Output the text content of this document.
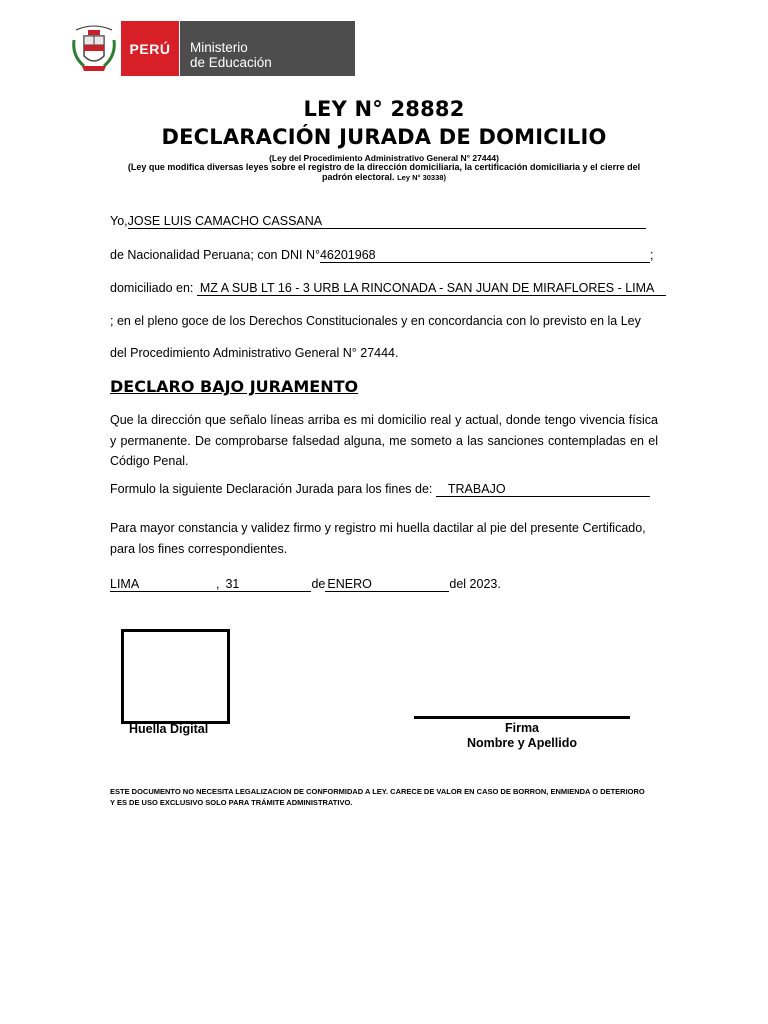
PERÚ	Ministerio
de Educación
LEY N° 28882
DECLARACIÓN JURADA DE DOMICILIO
(Ley del Procedimiento Administrativo General N° 27444)
(Ley que modifica diversas leyes sobre el registro de la dirección domiciliaria, la certificación domiciliaria y el cierre del padrón electoral. Ley N° 30338)
Yo,JOSE LUIS CAMACHO CASSANA
de Nacionalidad Peruana; con DNI N°46201968	;
domiciliado en: MZ A SUB LT 16 - 3 URB LA RINCONADA - SAN JUAN DE MIRAFLORES - LIMA
; en el pleno goce de los Derechos Constitucionales y en concordancia con lo previsto en la Ley
del Procedimiento Administrativo General N° 27444.
DECLARO BAJO JURAMENTO
Que la dirección que señalo líneas arriba es mi domicilio real y actual, donde tengo vivencia física y permanente. De comprobarse falsedad alguna, me someto a las sanciones contempladas en el Código Penal.
Formulo la siguiente Declaración Jurada para los fines de: TRABAJO
Para mayor constancia y validez firmo y registro mi huella dactilar al pie del presente Certificado, para los fines correspondientes.
LIMA	, 31	de ENERO	del 2023.
Huella Digital	Firma
Nombre y Apellido
ESTE DOCUMENTO NO NECESITA LEGALIZACION DE CONFORMIDAD A LEY. CARECE DE VALOR EN CASO DE BORRON, ENMIENDA O DETERIORO Y ES DE USO EXCLUSIVO SOLO PARA TRÁMITE ADMINISTRATIVO.
